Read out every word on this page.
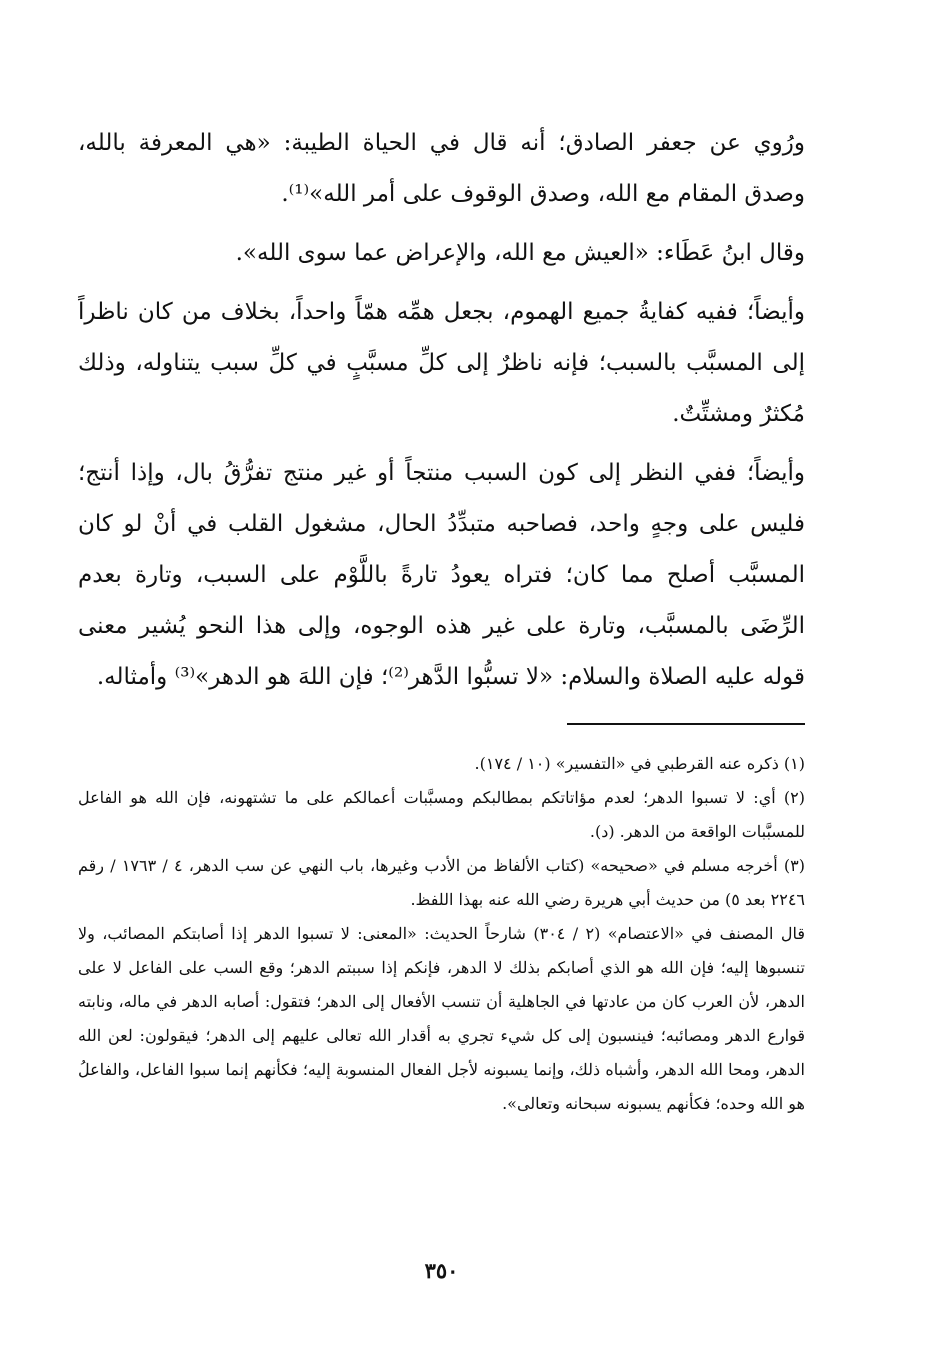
ورُوي عن جعفر الصادق؛ أنه قال في الحياة الطيبة: «هي المعرفة بالله، وصدق المقام مع الله، وصدق الوقوف على أمر الله»⁽¹⁾.

وقال ابنُ عَطَاء: «العيش مع الله، والإعراض عما سوى الله».

وأيضاً؛ ففيه كفايةُ جميع الهموم، بجعل همِّه همّاً واحداً، بخلاف من كان ناظراً إلى المسبَّب بالسبب؛ فإنه ناظرٌ إلى كلِّ مسبَّبٍ في كلِّ سبب يتناوله، وذلك مُكثرٌ ومشتِّتٌ.

وأيضاً؛ ففي النظر إلى كون السبب منتجاً أو غير منتج تفرُّقُ بال، وإذا أنتج؛ فليس على وجهٍ واحد، فصاحبه متبدِّدُ الحال، مشغول القلب في أنْ لو كان المسبَّب أصلح مما كان؛ فتراه يعودُ تارةً باللَّوْم على السبب، وتارة بعدم الرِّضَى بالمسبَّب، وتارة على غير هذه الوجوه، وإلى هذا النحو يُشير معنى قوله عليه الصلاة والسلام: «لا تسبُّوا الدَّهر⁽²⁾؛ فإن اللهَ هو الدهر»⁽³⁾ وأمثاله.

(١) ذكره عنه القرطبي في «التفسير» (١٠ / ١٧٤).

(٢) أي: لا تسبوا الدهر؛ لعدم مؤاتاتكم بمطالبكم ومسبَّبات أعمالكم على ما تشتهونه، فإن الله هو الفاعل للمسبَّبات الواقعة من الدهر. (د).

(٣) أخرجه مسلم في «صحيحه» (كتاب الألفاظ من الأدب وغيرها، باب النهي عن سب الدهر، ٤ / ١٧٦٣ / رقم ٢٢٤٦ بعد ٥) من حديث أبي هريرة رضي الله عنه بهذا اللفظ.

قال المصنف في «الاعتصام» (٢ / ٣٠٤) شارحاً الحديث: «المعنى: لا تسبوا الدهر إذا أصابتكم المصائب، ولا تنسبوها إليه؛ فإن الله هو الذي أصابكم بذلك لا الدهر، فإنكم إذا سببتم الدهر؛ وقع السب على الفاعل لا على الدهر، لأن العرب كان من عادتها في الجاهلية أن تنسب الأفعال إلى الدهر؛ فتقول: أصابه الدهر في ماله، ونابته قوارع الدهر ومصائبه؛ فينسبون إلى كل شيء تجري به أقدار الله تعالى عليهم إلى الدهر؛ فيقولون: لعن الله الدهر، ومحا الله الدهر، وأشباه ذلك، وإنما يسبونه لأجل الفعال المنسوبة إليه؛ فكأنهم إنما سبوا الفاعل، والفاعلُ هو الله وحده؛ فكأنهم يسبونه سبحانه وتعالى».

٣٥٠
